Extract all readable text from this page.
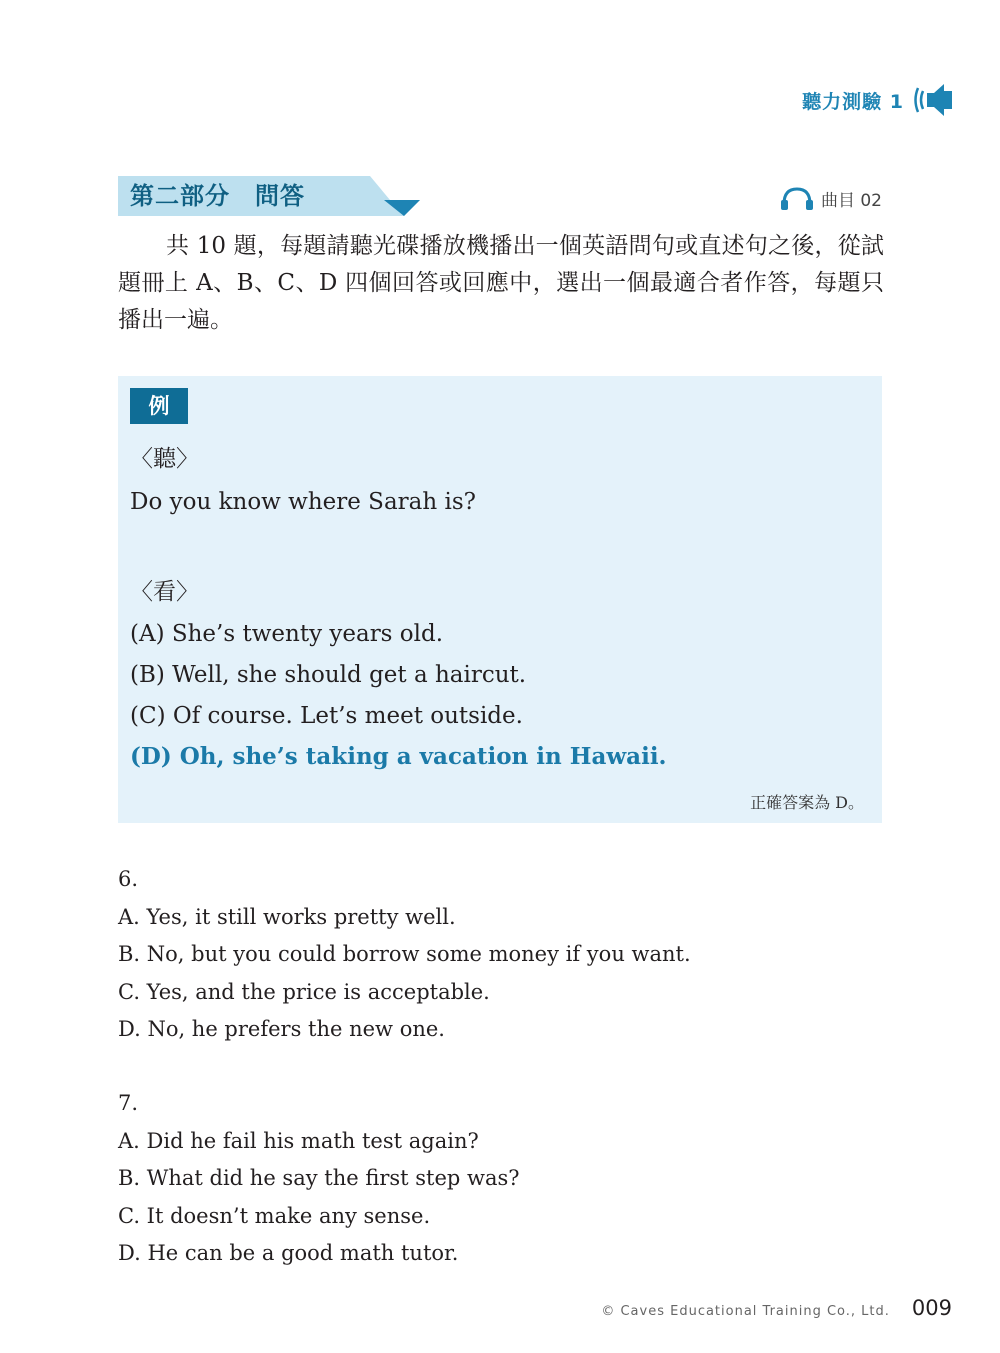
聽力測驗 1
第二部分　問答	曲目 02

共 10 題，每題請聽光碟播放機播出一個英語問句或直述句之後，從試題冊上 A、B、C、D 四個回答或回應中，選出一個最適合者作答，每題只播出一遍。

例
〈聽〉
Do you know where Sarah is?
〈看〉
(A) She’s twenty years old.
(B) Well, she should get a haircut.
(C) Of course. Let’s meet outside.
(D) Oh, she’s taking a vacation in Hawaii.
正確答案為 D。
6.
A. Yes, it still works pretty well.
B. No, but you could borrow some money if you want.
C. Yes, and the price is acceptable.
D. No, he prefers the new one.
7.
A. Did he fail his math test again?
B. What did he say the first step was?
C. It doesn’t make any sense.
D. He can be a good math tutor.
© Caves Educational Training Co., Ltd. 009
